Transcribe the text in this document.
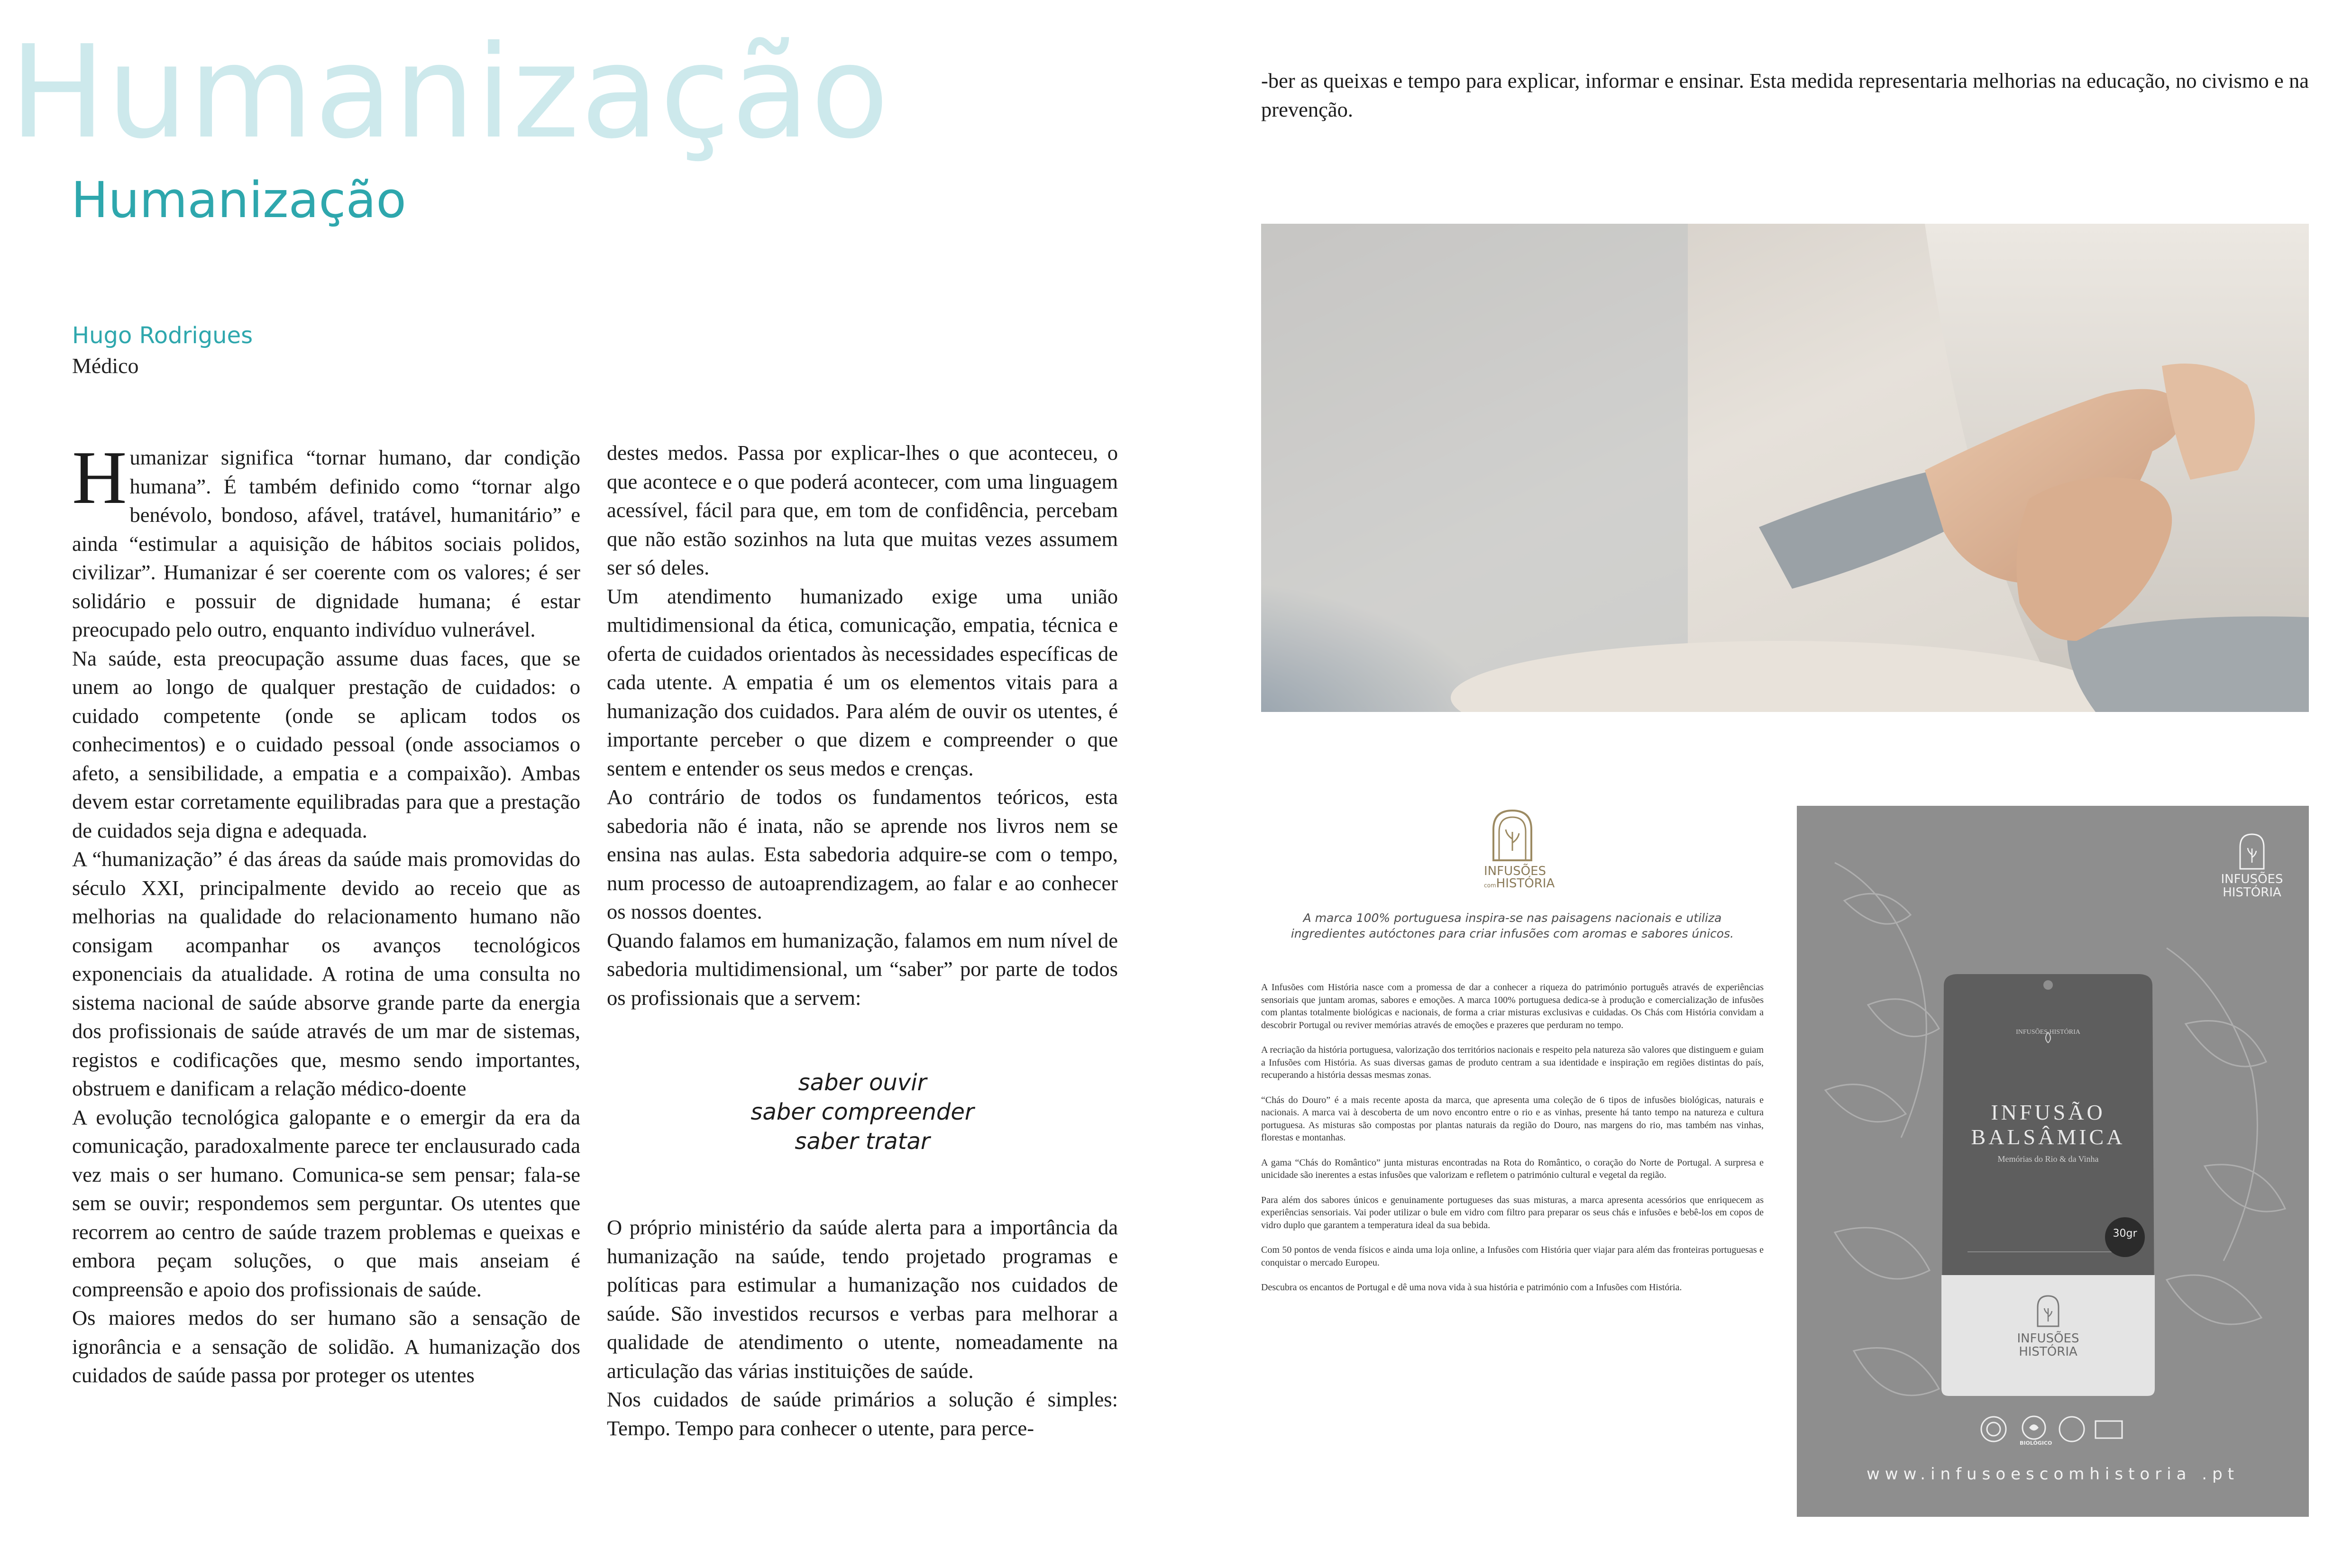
Humanização
Humanização
Hugo Rodrigues
Médico

Humanizar significa “tornar humano, dar condição humana”. É também definido como “tornar algo benévolo, bondoso, afável, tratável, humanitário” e ainda “estimular a aquisição de hábitos sociais polidos, civilizar”. Humanizar é ser coerente com os valores; é ser solidário e possuir de dignidade humana; é estar preocupado pelo outro, enquanto indivíduo vulnerável.

Na saúde, esta preocupação assume duas faces, que se unem ao longo de qualquer prestação de cuidados: o cuidado competente (onde se aplicam todos os conhecimentos) e o cuidado pessoal (onde associamos o afeto, a sensibilidade, a empatia e a compaixão). Ambas devem estar corretamente equilibradas para que a prestação de cuidados seja digna e adequada.

A “humanização” é das áreas da saúde mais promovidas do século XXI, principalmente devido ao receio que as melhorias na qualidade do relacionamento humano não consigam acompanhar os avanços tecnológicos exponenciais da atualidade. A rotina de uma consulta no sistema nacional de saúde absorve grande parte da energia dos profissionais de saúde através de um mar de sistemas, registos e codificações que, mesmo sendo importantes, obstruem e danificam a relação médico-doente

A evolução tecnológica galopante e o emergir da era da comunicação, paradoxalmente parece ter enclausurado cada vez mais o ser humano. Comunica-se sem pensar; fala-se sem se ouvir; respondemos sem perguntar. Os utentes que recorrem ao centro de saúde trazem problemas e queixas e embora peçam soluções, o que mais anseiam é compreensão e apoio dos profissionais de saúde.

Os maiores medos do ser humano são a sensação de ignorância e a sensação de solidão. A humanização dos cuidados de saúde passa por proteger os utentes

destes medos. Passa por explicar-lhes o que aconteceu, o que acontece e o que poderá acontecer, com uma linguagem acessível, fácil para que, em tom de confidência, percebam que não estão sozinhos na luta que muitas vezes assumem ser só deles.

Um atendimento humanizado exige uma união multidimensional da ética, comunicação, empatia, técnica e oferta de cuidados orientados às necessidades específicas de cada utente. A empatia é um os elementos vitais para a humanização dos cuidados. Para além de ouvir os utentes, é importante perceber o que dizem e compreender o que sentem e entender os seus medos e crenças.

Ao contrário de todos os fundamentos teóricos, esta sabedoria não é inata, não se aprende nos livros nem se ensina nas aulas. Esta sabedoria adquire-se com o tempo, num processo de autoaprendizagem, ao falar e ao conhecer os nossos doentes.

Quando falamos em humanização, falamos em num nível de sabedoria multidimensional, um “saber” por parte de todos os profissionais que a servem:

saber ouvir
saber compreender
saber tratar

O próprio ministério da saúde alerta para a importância da humanização na saúde, tendo projetado programas e políticas para estimular a humanização nos cuidados de saúde. São investidos recursos e verbas para melhorar a qualidade de atendimento o utente, nomeadamente na articulação das várias instituições de saúde.

Nos cuidados de saúde primários a solução é simples: Tempo. Tempo para conhecer o utente, para perce-

-ber as queixas e tempo para explicar, informar e ensinar. Esta medida representaria melhorias na educação, no civismo e na prevenção.
INFUSÕES
comHISTÓRIA
A marca 100% portuguesa inspira-se nas paisagens nacionais e utiliza ingredientes autóctones para criar infusões com aromas e sabores únicos.

A Infusões com História nasce com a promessa de dar a conhecer a riqueza do património português através de experiências sensoriais que juntam aromas, sabores e emoções. A marca 100% portuguesa dedica-se à produção e comercialização de infusões com plantas totalmente biológicas e nacionais, de forma a criar misturas exclusivas e cuidadas. Os Chás com História convidam a descobrir Portugal ou reviver memórias através de emoções e prazeres que perduram no tempo.

A recriação da história portuguesa, valorização dos territórios nacionais e respeito pela natureza são valores que distinguem e guiam a Infusões com História. As suas diversas gamas de produto centram a sua identidade e inspiração em regiões distintas do país, recuperando a história dessas mesmas zonas.

“Chás do Douro” é a mais recente aposta da marca, que apresenta uma coleção de 6 tipos de infusões biológicas, naturais e nacionais. A marca vai à descoberta de um novo encontro entre o rio e as vinhas, presente há tanto tempo na natureza e cultura portuguesa. As misturas são compostas por plantas naturais da região do Douro, nas margens do rio, mas também nas vinhas, florestas e montanhas.

A gama “Chás do Romântico” junta misturas encontradas na Rota do Romântico, o coração do Norte de Portugal. A surpresa e unicidade são inerentes a estas infusões que valorizam e refletem o património cultural e vegetal da região.

Para além dos sabores únicos e genuinamente portugueses das suas misturas, a marca apresenta acessórios que enriquecem as experiências sensoriais. Vai poder utilizar o bule em vidro com filtro para preparar os seus chás e infusões e bebê-los em copos de vidro duplo que garantem a temperatura ideal da sua bebida.

Com 50 pontos de venda físicos e ainda uma loja online, a Infusões com História quer viajar para além das fronteiras portuguesas e conquistar o mercado Europeu.

Descubra os encantos de Portugal e dê uma nova vida à sua história e património com a Infusões com História.

INFUSÕES
HISTÓRIA
INFUSÕES HISTÓRIA
INFUSÃO
BALSÂMICA
Memórias do Rio & da Vinha
30gr
INFUSÕES
HISTÓRIA
BIOLÓGICO
www.infusoescomhistoria .pt
